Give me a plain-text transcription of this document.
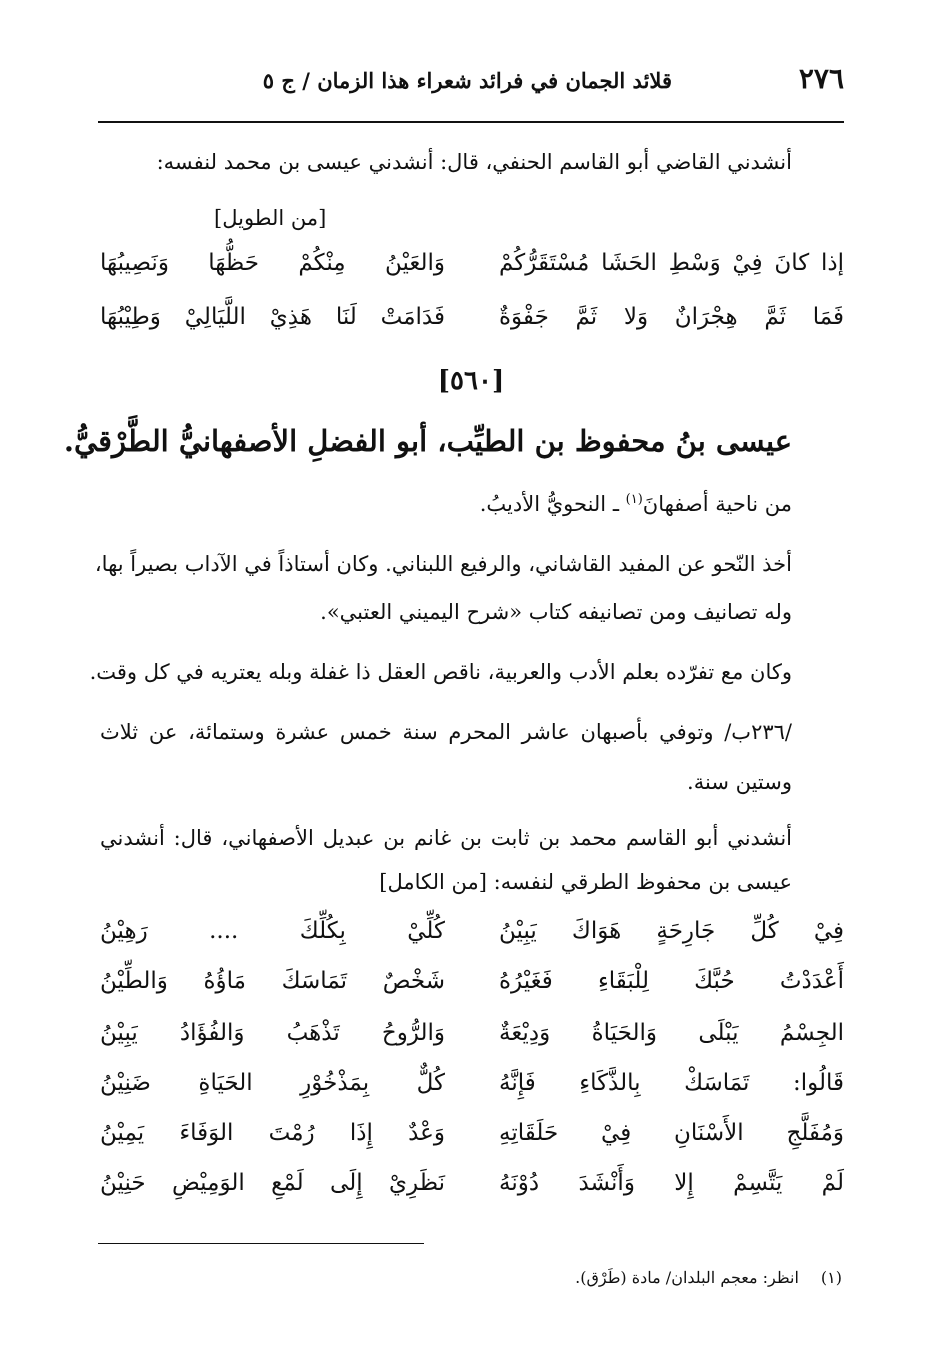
٢٧٦
قلائد الجمان في فرائد شعراء هذا الزمان / ج ٥
أنشدني القاضي أبو القاسم الحنفي، قال: أنشدني عيسى بن محمد لنفسه:
[من الطويل]
إذا كانَ فِيْ وَسْطِ الحَشَا مُسْتَقَرُّكُمْ
وَالعَيْنُ مِنْكُمْ حَظُّهَا وَنَصِيبُهَا
فَمَا ثَمَّ هِجْرَانٌ وَلا ثَمَّ جَفْوَةٌ
فَدَامَتْ لَنَا هَذِيْ اللَّيَالِيْ وَطِيْبُهَا
[٥٦٠]
عيسى بنُ محفوظ بن الطيِّب، أبو الفضلِ الأصفهانيُّ الطَّرْقيُّ.
من ناحية أصفهانَ$^{(١)}$ ـ النحويُّ الأديبُ.
أخذ النّحو عن المفيد القاشاني، والرفيع اللبناني. وكان أستاذاً في الآداب بصيراً بها،
وله تصانيف ومن تصانيفه كتاب «شرح اليميني العتبي».
وكان مع تفرّده بعلم الأدب والعربية، ناقص العقل ذا غفلة وبله يعتريه في كل وقت.
/٢٣٦ب/ وتوفي بأصبهان عاشر المحرم سنة خمس عشرة وستمائة، عن ثلاث
وستين سنة.
أنشدني أبو القاسم محمد بن ثابت بن غانم بن عبديل الأصفهاني، قال: أنشدني
عيسى بن محفوظ الطرقي لنفسه: [من الكامل]
فِيْ كُلِّ جَارِحَةٍ هَوَاكَ يَبِيْنُ
كُلِّيْ بِكُلِّكَ .... رَهِيْنُ
أَعْدَدْتُ حُبَّكَ لِلْبَقَاءِ فَغَيْرُهُ
شَخْصٌ تَمَاسَكَ مَاؤُهُ وَالطِّيْنُ
الجِسْمُ يَبْلَى وَالحَيَاةُ وَدِيْعَةٌ
وَالرُّوحُ تَذْهَبُ وَالفُؤَادُ يَبِيْنُ
قَالُوا: تَمَاسَكْ بِالذَّكَاءِ فَإِنَّهُ
كُلٌّ بِمَذْخُوْرِ الحَيَاةِ ضَنِيْنُ
وَمُفَلَّجِ الأَسْنَانِ فِيْ حَلَقَاتِهِ
وَعْدٌ إِذَا رُمْتَ الوَفَاءَ يَمِيْنُ
لَمْ يَتَّسِمْ إِلا وَأَنْشَدَ دُوْنَهُ
نَظَرِيْ إِلَى لَمْعِ الوَمِيْضِ حَنِيْنُ
(١)انظر: معجم البلدان/ مادة (طَرْق).
